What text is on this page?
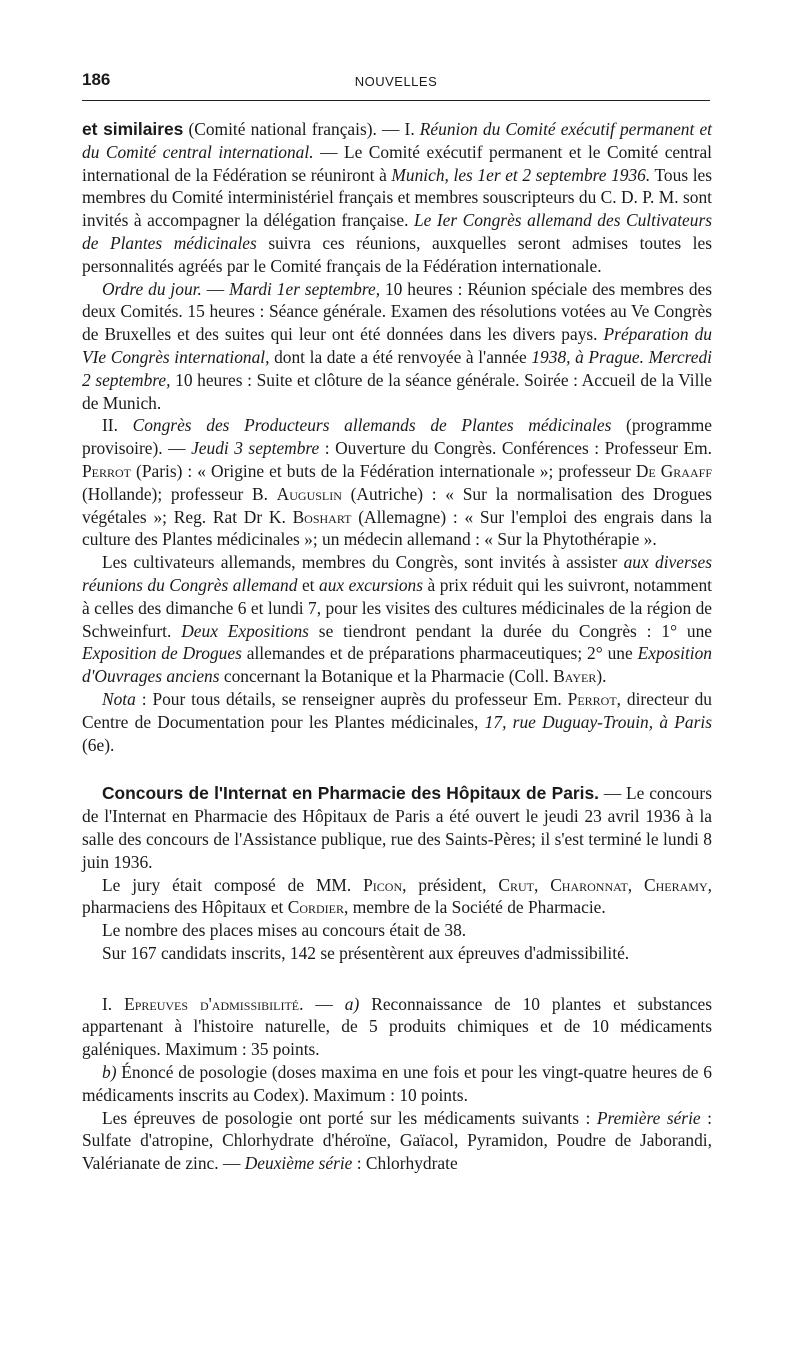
186	NOUVELLES

et similaires (Comité national français). — I. Réunion du Comité exécutif permanent et du Comité central international. — Le Comité exécutif permanent et le Comité central international de la Fédération se réuniront à Munich, les 1er et 2 septembre 1936. Tous les membres du Comité interministériel français et membres souscripteurs du C. D. P. M. sont invités à accompagner la délégation française. Le Ier Congrès allemand des Cultivateurs de Plantes médicinales suivra ces réunions, auxquelles seront admises toutes les personnalités agréés par le Comité français de la Fédération internationale.

Ordre du jour. — Mardi 1er septembre, 10 heures : Réunion spéciale des membres des deux Comités. 15 heures : Séance générale. Examen des résolutions votées au Ve Congrès de Bruxelles et des suites qui leur ont été données dans les divers pays. Préparation du VIe Congrès international, dont la date a été renvoyée à l'année 1938, à Prague. Mercredi 2 septembre, 10 heures : Suite et clôture de la séance générale. Soirée : Accueil de la Ville de Munich.

II. Congrès des Producteurs allemands de Plantes médicinales (programme provisoire). — Jeudi 3 septembre : Ouverture du Congrès. Conférences : Professeur Em. Perrot (Paris) : « Origine et buts de la Fédération internationale »; professeur De Graaff (Hollande); professeur B. Auguslin (Autriche) : « Sur la normalisation des Drogues végétales »; Reg. Rat Dr K. Boshart (Allemagne) : « Sur l'emploi des engrais dans la culture des Plantes médicinales »; un médecin allemand : « Sur la Phytothérapie ».

Les cultivateurs allemands, membres du Congrès, sont invités à assister aux diverses réunions du Congrès allemand et aux excursions à prix réduit qui les suivront, notamment à celles des dimanche 6 et lundi 7, pour les visites des cultures médicinales de la région de Schweinfurt. Deux Expositions se tiendront pendant la durée du Congrès : 1° une Exposition de Drogues allemandes et de préparations pharmaceutiques; 2° une Exposition d'Ouvrages anciens concernant la Botanique et la Pharmacie (Coll. Bayer).

Nota : Pour tous détails, se renseigner auprès du professeur Em. Perrot, directeur du Centre de Documentation pour les Plantes médicinales, 17, rue Duguay-Trouin, à Paris (6e).

Concours de l'Internat en Pharmacie des Hôpitaux de Paris. — Le concours de l'Internat en Pharmacie des Hôpitaux de Paris a été ouvert le jeudi 23 avril 1936 à la salle des concours de l'Assistance publique, rue des Saints-Pères; il s'est terminé le lundi 8 juin 1936.

Le jury était composé de MM. Picon, président, Crut, Charonnat, Cheramy, pharmaciens des Hôpitaux et Cordier, membre de la Société de Pharmacie.

Le nombre des places mises au concours était de 38.

Sur 167 candidats inscrits, 142 se présentèrent aux épreuves d'admissibilité.

I. Epreuves d'admissibilité. — a) Reconnaissance de 10 plantes et substances appartenant à l'histoire naturelle, de 5 produits chimiques et de 10 médicaments galéniques. Maximum : 35 points.

b) Énoncé de posologie (doses maxima en une fois et pour les vingt-quatre heures de 6 médicaments inscrits au Codex). Maximum : 10 points.

Les épreuves de posologie ont porté sur les médicaments suivants : Première série : Sulfate d'atropine, Chlorhydrate d'héroïne, Gaïacol, Pyramidon, Poudre de Jaborandi, Valérianate de zinc. — Deuxième série : Chlorhydrate
